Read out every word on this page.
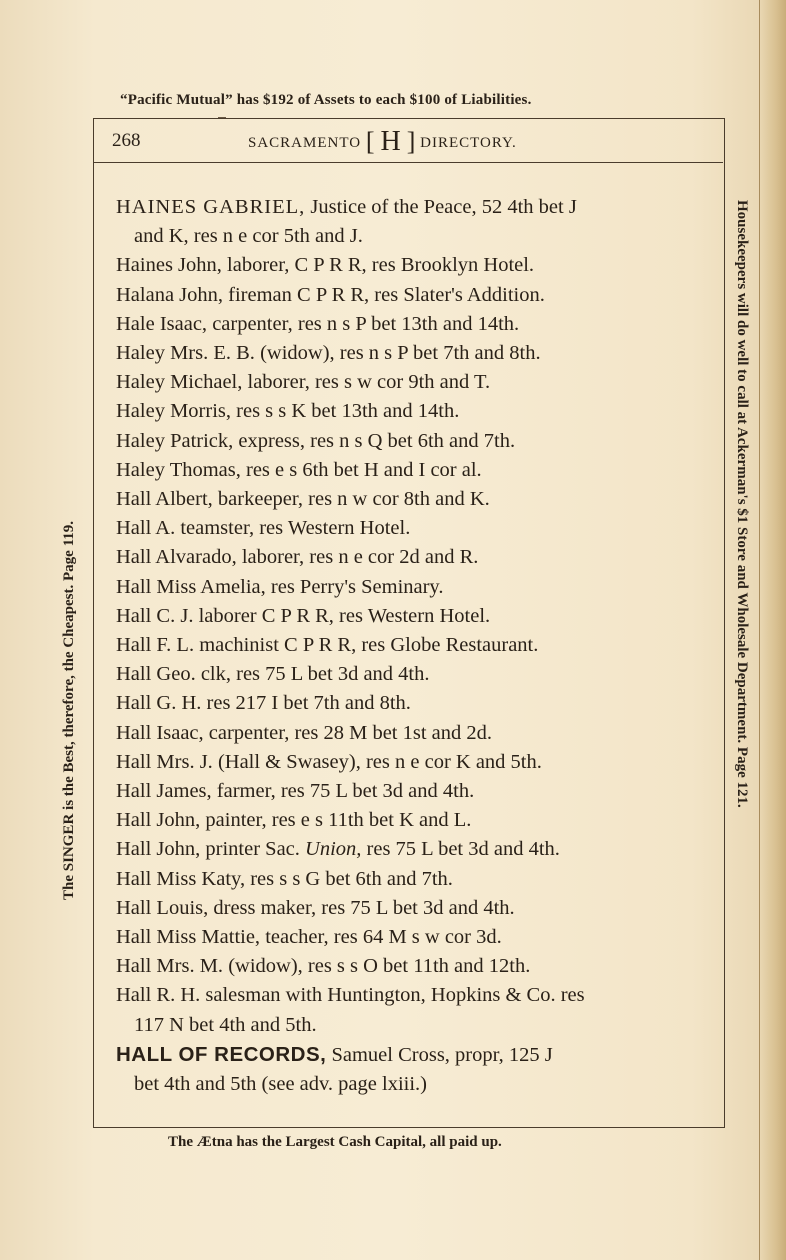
“Pacific Mutual” has $192 of Assets to each $100 of Liabilities.
268	SACRAMENTO [ H ] DIRECTORY.
The SINGER is the Best, therefore, the Cheapest. Page 119.	Housekeepers will do well to call at Ackerman's $1 Store and Wholesale Department. Page 121.
HAINES GABRIEL, Justice of the Peace, 52 4th bet J
and K, res n e cor 5th and J.
Haines John, laborer, C P R R, res Brooklyn Hotel.
Halana John, fireman C P R R, res Slater's Addition.
Hale Isaac, carpenter, res n s P bet 13th and 14th.
Haley Mrs. E. B. (widow), res n s P bet 7th and 8th.
Haley Michael, laborer, res s w cor 9th and T.
Haley Morris, res s s K bet 13th and 14th.
Haley Patrick, express, res n s Q bet 6th and 7th.
Haley Thomas, res e s 6th bet H and I cor al.
Hall Albert, barkeeper, res n w cor 8th and K.
Hall A. teamster, res Western Hotel.
Hall Alvarado, laborer, res n e cor 2d and R.
Hall Miss Amelia, res Perry's Seminary.
Hall C. J. laborer C P R R, res Western Hotel.
Hall F. L. machinist C P R R, res Globe Restaurant.
Hall Geo. clk, res 75 L bet 3d and 4th.
Hall G. H. res 217 I bet 7th and 8th.
Hall Isaac, carpenter, res 28 M bet 1st and 2d.
Hall Mrs. J. (Hall & Swasey), res n e cor K and 5th.
Hall James, farmer, res 75 L bet 3d and 4th.
Hall John, painter, res e s 11th bet K and L.
Hall John, printer Sac. Union, res 75 L bet 3d and 4th.
Hall Miss Katy, res s s G bet 6th and 7th.
Hall Louis, dress maker, res 75 L bet 3d and 4th.
Hall Miss Mattie, teacher, res 64 M s w cor 3d.
Hall Mrs. M. (widow), res s s O bet 11th and 12th.
Hall R. H. salesman with Huntington, Hopkins & Co. res
117 N bet 4th and 5th.
HALL OF RECORDS, Samuel Cross, propr, 125 J
bet 4th and 5th (see adv. page lxiii.)
The Ætna has the Largest Cash Capital, all paid up.
